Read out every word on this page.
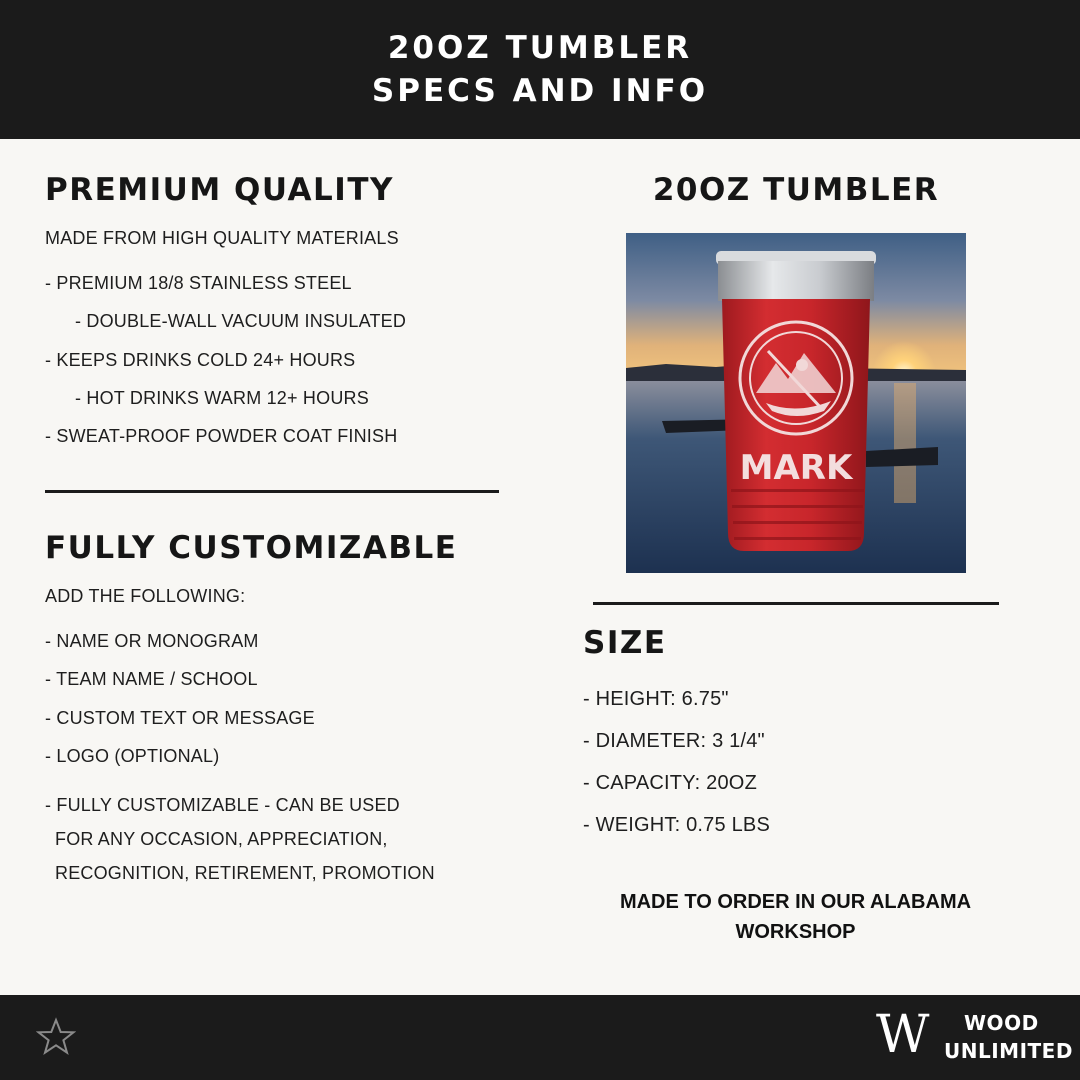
20OZ TUMBLER
SPECS AND INFO
PREMIUM QUALITY
MADE FROM HIGH QUALITY MATERIALS
- PREMIUM 18/8 STAINLESS STEEL
- DOUBLE-WALL VACUUM INSULATED
- KEEPS DRINKS COLD 24+ HOURS
- HOT DRINKS WARM 12+ HOURS
- SWEAT-PROOF POWDER COAT FINISH
FULLY CUSTOMIZABLE
ADD THE FOLLOWING:
- NAME OR MONOGRAM
- TEAM NAME / SCHOOL
- CUSTOM TEXT OR MESSAGE
- LOGO (OPTIONAL)
- FULLY CUSTOMIZABLE - CAN BE USED
FOR ANY OCCASION, APPRECIATION,
RECOGNITION, RETIREMENT, PROMOTION
20OZ TUMBLER
MARK
SIZE
- HEIGHT: 6.75"
- DIAMETER: 3 1/4"
- CAPACITY: 20OZ
- WEIGHT: 0.75 LBS
MADE TO ORDER IN OUR ALABAMA WORKSHOP
W WOOD
UNLIMITED
